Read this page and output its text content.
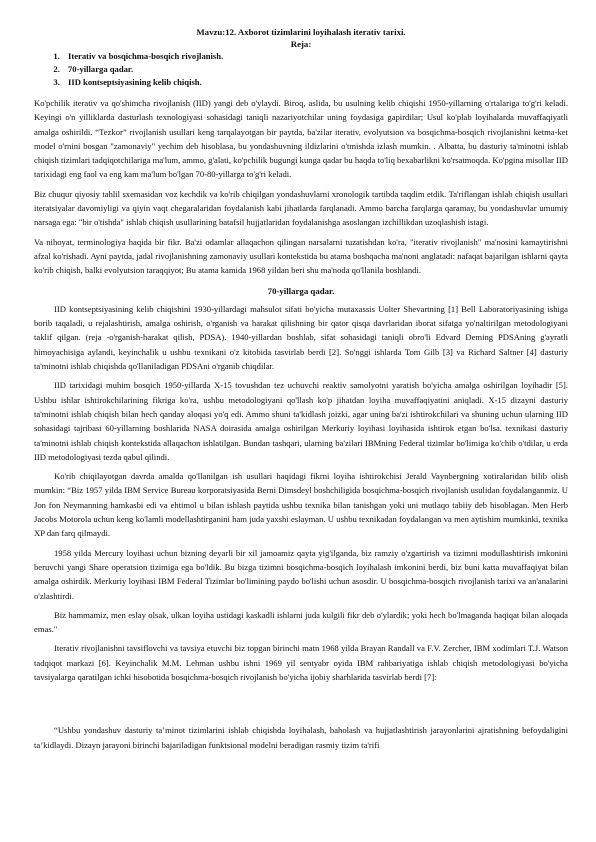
Mavzu:12. Axborot tizimlarini loyihalash iterativ tarixi.
Reja:
1. Iterativ va bosqichma-bosqich rivojlanish.
2. 70-yillarga qadar.
3. IID kontseptsiyasining kelib chiqish.

Ko'pchilik iterativ va qo'shimcha rivojlanish (IID) yangi deb o'ylaydi. Biroq, aslida, bu usulning kelib chiqishi 1950-yillarning o'rtalariga to'g'ri keladi. Keyingi o'n yilliklarda dasturlash texnologiyasi sohasidagi taniqli nazariyotchilar uning foydasiga gapirdilar; Usul ko'plab loyihalarda muvaffaqiyatli amalga oshirildi. “Tezkor” rivojlanish usullari keng tarqalayotgan bir paytda, ba'zilar iterativ, evolyutsion va bosqichma-bosqich rivojlanishni ketma-ket model o'rnini bosgan "zamonaviy" yechim deb hisoblasa, bu yondashuvning ildizlarini o'tmishda izlash mumkin. . Albatta, bu dasturiy ta'minotni ishlab chiqish tizimlari tadqiqotchilariga ma'lum, ammo, g'alati, ko'pchilik bugungi kunga qadar bu haqda to'liq bexabarlikni ko'rsatmoqda. Ko'pgina misollar IID tarixidagi eng faol va eng kam ma'lum bo'lgan 70-80-yillarga to'g'ri keladi.

Biz chuqur qiyosiy tahlil sxemasidan voz kechdik va ko'rib chiqilgan yondashuvlarni xronologik tartibda taqdim etdik. Ta'riflangan ishlab chiqish usullari iteratsiyalar davomiyligi va qiyin vaqt chegaralaridan foydalanish kabi jihatlarda farqlanadi. Ammo barcha farqlarga qaramay, bu yondashuvlar umumiy narsaga ega: "bir o'tishda" ishlab chiqish usullarining batafsil hujjatlaridan foydalanishga asoslangan izchillikdan uzoqlashish istagi.

Va nihoyat, terminologiya haqida bir fikr. Ba'zi odamlar allaqachon qilingan narsalarni tuzatishdan ko'ra, "iterativ rivojlanish" ma'nosini kamaytirishni afzal ko'rishadi. Ayni paytda, jadal rivojlanishning zamonaviy usullari kontekstida bu atama boshqacha ma'noni anglatadi: nafaqat bajarilgan ishlarni qayta ko'rib chiqish, balki evolyutsion taraqqiyot; Bu atama kamida 1968 yildan beri shu ma'noda qo'llanila boshlandi.

70-yillarga qadar.

IID kontseptsiyasining kelib chiqishini 1930-yillardagi mahsulot sifati bo'yicha mutaxassis Uolter Shevartning [1] Bell Laboratoriyasining ishiga borib taqaladi, u rejalashtirish, amalga oshirish, o'rganish va harakat qilishning bir qator qisqa davrlaridan iborat sifatga yo'naltirilgan metodologiyani taklif qilgan. (reja -o'rganish-harakat qilish, PDSA). 1940-yillardan boshlab, sifat sohasidagi taniqli obro'li Edvard Deming PDSAning g'ayratli himoyachisiga aylandi, keyinchalik u ushbu texnikani o'z kitobida tasvirlab berdi [2]. So'nggi ishlarda Tom Gilb [3] va Richard Saltner [4] dasturiy ta'minotni ishlab chiqishda qo'llaniladigan PDSAni o'rganib chiqdilar.

IID tarixidagi muhim bosqich 1950-yillarda X-15 tovushdan tez uchuvchi reaktiv samolyotni yaratish bo'yicha amalga oshirilgan loyihadir [5]. Ushbu ishlar ishtirokchilarining fikriga ko'ra, ushbu metodologiyani qo'llash ko'p jihatdan loyiha muvaffaqiyatini aniqladi. X-15 dizayni dasturiy ta'minotni ishlab chiqish bilan hech qanday aloqasi yo'q edi. Ammo shuni ta'kidlash joizki, agar uning ba'zi ishtirokchilari va shuning uchun ularning IID sohasidagi tajribasi 60-yillarning boshlarida NASA doirasida amalga oshirilgan Merkuriy loyihasi loyihasida ishtirok etgan bo'lsa. texnikasi dasturiy ta'minotni ishlab chiqish kontekstida allaqachon ishlatilgan. Bundan tashqari, ularning ba'zilari IBMning Federal tizimlar bo'limiga ko'chib o'tdilar, u erda IID metodologiyasi tezda qabul qilindi.

Ko'rib chiqilayotgan davrda amalda qo'llanilgan ish usullari haqidagi fikrni loyiha ishtirokchisi Jerald Vaynbergning xotiralaridan bilib olish mumkin: “Biz 1957 yilda IBM Service Bureau korporatsiyasida Berni Dimsdeyl boshchiligida bosqichma-bosqich rivojlanish usulidan foydalanganmiz. U Jon fon Neymanning hamkasbi edi va ehtimol u bilan ishlash paytida ushbu texnika bilan tanishgan yoki uni mutlaqo tabiiy deb hisoblagan. Men Herb Jacobs Motorola uchun keng ko'lamli modellashtirganini ham juda yaxshi eslayman. U ushbu texnikadan foydalangan va men aytishim mumkinki, texnika XP dan farq qilmaydi.

1958 yilda Mercury loyihasi uchun bizning deyarli bir xil jamoamiz qayta yig'ilganda, biz ramziy o'zgartirish va tizimni modullashtirish imkonini beruvchi yangi Share operatsion tizimiga ega bo'ldik. Bu bizga tizimni bosqichma-bosqich loyihalash imkonini berdi, biz buni katta muvaffaqiyat bilan amalga oshirdik. Merkuriy loyihasi IBM Federal Tizimlar bo'limining paydo bo'lishi uchun asosdir. U bosqichma-bosqich rivojlanish tarixi va an'analarini o'zlashtirdi.

Biz hammamiz, men eslay olsak, ulkan loyiha ustidagi kaskadli ishlarni juda kulgili fikr deb o'ylardik; yoki hech bo'lmaganda haqiqat bilan aloqada emas."

Iterativ rivojlanishni tavsiflovchi va tavsiya etuvchi biz topgan birinchi matn 1968 yilda Brayan Randall va F.V. Zercher, IBM xodimlari T.J. Watson tadqiqot markazi [6]. Keyinchalik M.M. Lehman ushbu ishni 1969 yil sentyabr oyida IBM rahbariyatiga ishlab chiqish metodologiyasi bo'yicha tavsiyalarga qaratilgan ichki hisobotida bosqichma-bosqich rivojlanish bo'yicha ijobiy sharhlarida tasvirlab berdi [7]:

“Ushbu yondashuv dasturiy ta’minot tizimlarini ishlab chiqishda loyihalash, baholash va hujjatlashtirish jarayonlarini ajratishning befoydaligini ta’kidlaydi. Dizayn jarayoni birinchi bajariladigan funktsional modelni beradigan rasmiy tizim ta'rifi
